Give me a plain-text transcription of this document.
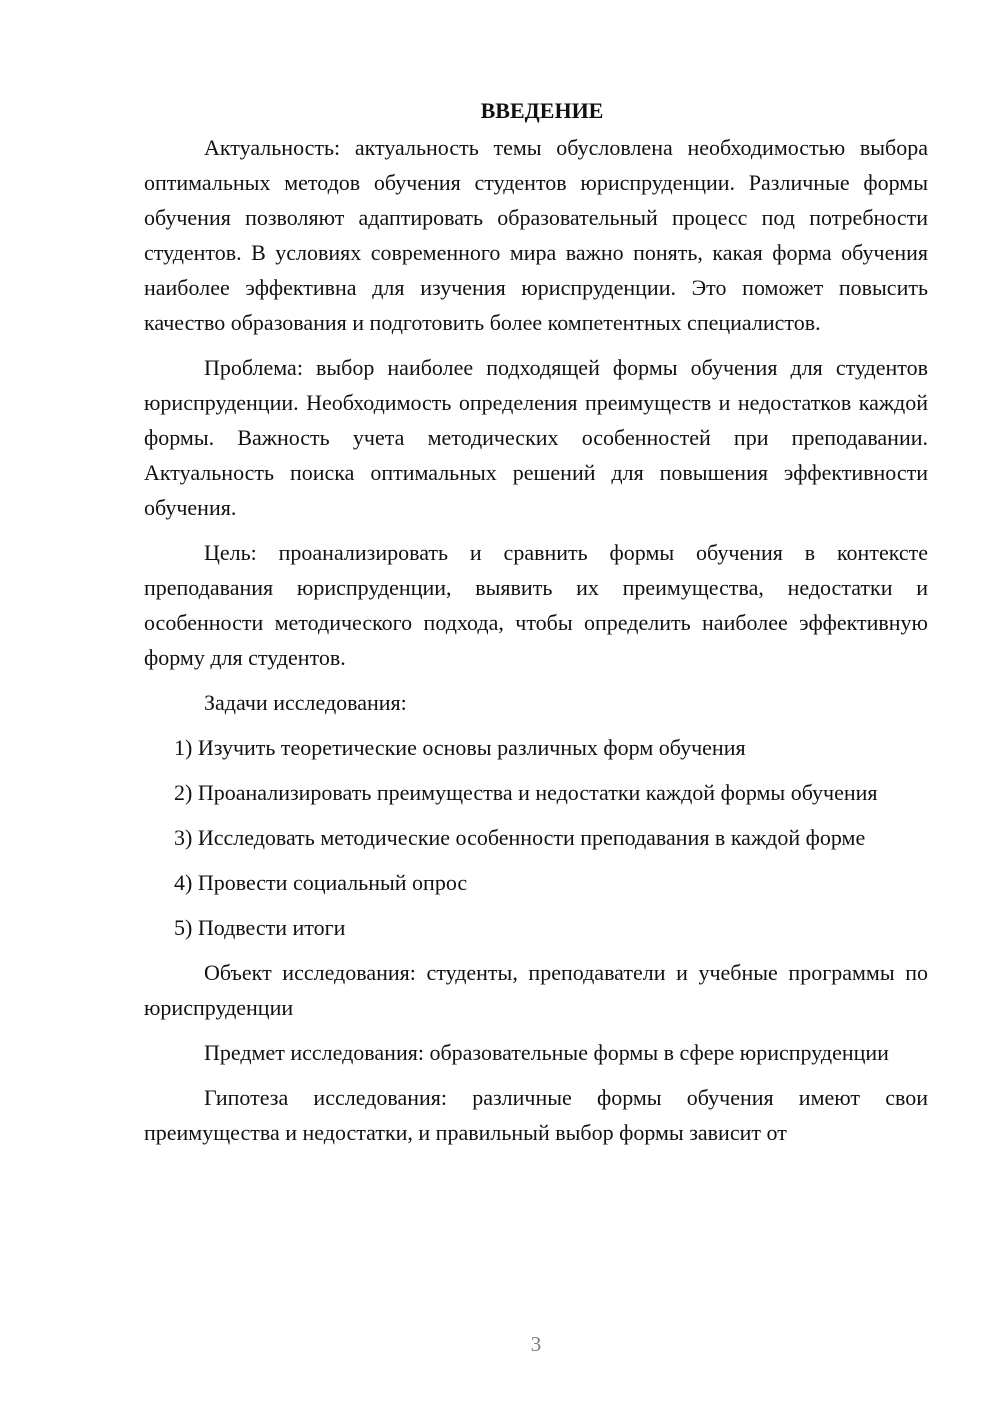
ВВЕДЕНИЕ

Актуальность: актуальность темы обусловлена необходимостью выбора оптимальных методов обучения студентов юриспруденции. Различные формы обучения позволяют адаптировать образовательный процесс под потребности студентов. В условиях современного мира важно понять, какая форма обучения наиболее эффективна для изучения юриспруденции. Это поможет повысить качество образования и подготовить более компетентных специалистов.

Проблема: выбор наиболее подходящей формы обучения для студентов юриспруденции. Необходимость определения преимуществ и недостатков каждой формы. Важность учета методических особенностей при преподавании. Актуальность поиска оптимальных решений для повышения эффективности обучения.

Цель: проанализировать и сравнить формы обучения в контексте преподавания юриспруденции, выявить их преимущества, недостатки и особенности методического подхода, чтобы определить наиболее эффективную форму для студентов.

Задачи исследования:

1) Изучить теоретические основы различных форм обучения

2) Проанализировать преимущества и недостатки каждой формы обучения

3) Исследовать методические особенности преподавания в каждой форме

4) Провести социальный опрос

5) Подвести итоги

Объект исследования: студенты, преподаватели и учебные программы по юриспруденции

Предмет исследования: образовательные формы в сфере юриспруденции

Гипотеза исследования: различные формы обучения имеют свои преимущества и недостатки, и правильный выбор формы зависит от

3
